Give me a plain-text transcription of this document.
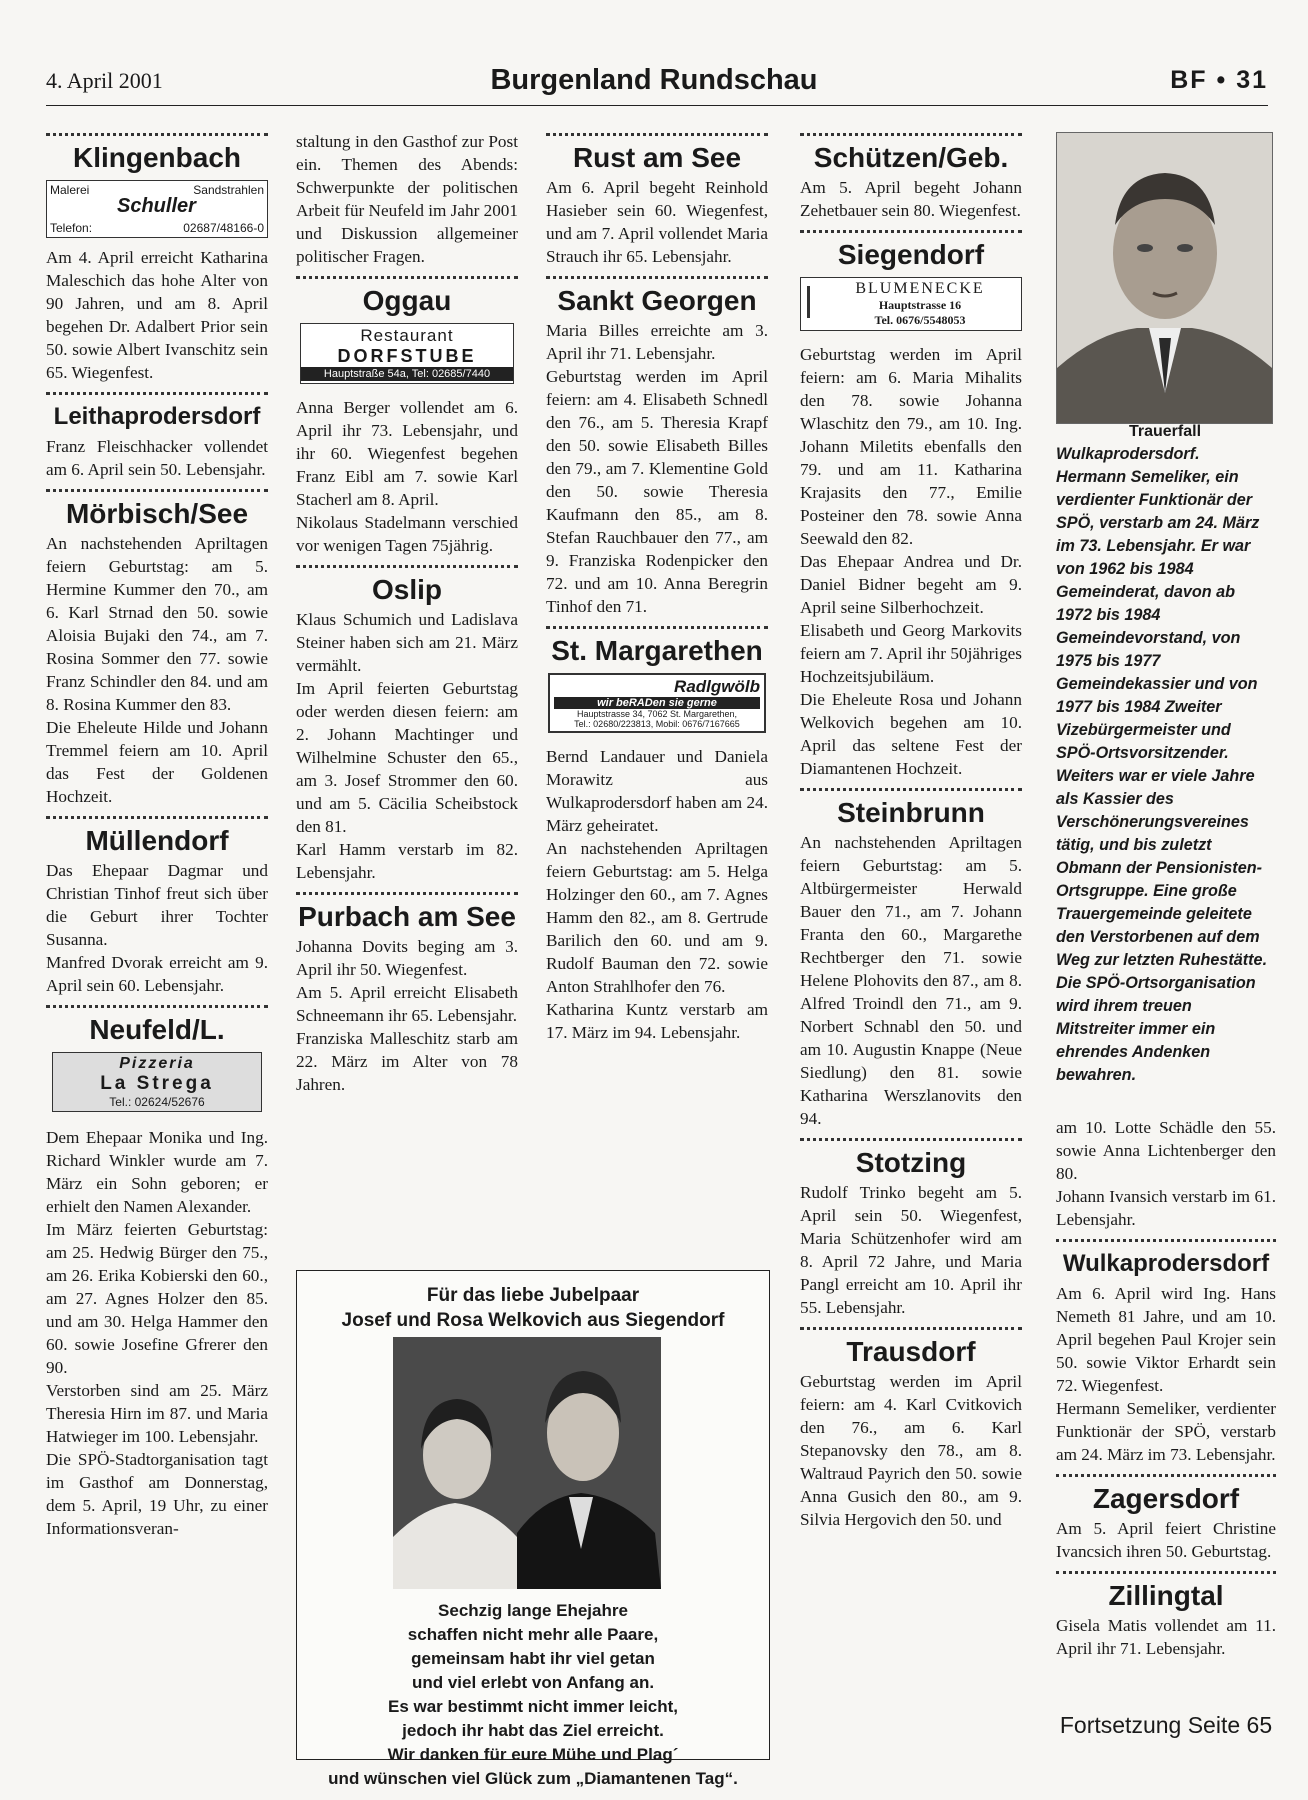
4. April 2001	Burgenland Rundschau	BF • 31
Klingenbach
Malerei	Sandstrahlen
Schuller
Telefon:	02687/48166-0

Am 4. April erreicht Katharina Maleschich das hohe Alter von 90 Jahren, und am 8. April begehen Dr. Adalbert Prior sein 50. sowie Albert Ivanschitz sein 65. Wiegenfest.

Leithaprodersdorf

Franz Fleischhacker vollendet am 6. April sein 50. Lebensjahr.

Mörbisch/See

An nachstehenden Apriltagen feiern Geburtstag: am 5. Hermine Kummer den 70., am 6. Karl Strnad den 50. sowie Aloisia Bujaki den 74., am 7. Rosina Sommer den 77. sowie Franz Schindler den 84. und am 8. Rosina Kummer den 83.

Die Eheleute Hilde und Johann Tremmel feiern am 10. April das Fest der Goldenen Hochzeit.

Müllendorf

Das Ehepaar Dagmar und Christian Tinhof freut sich über die Geburt ihrer Tochter Susanna.

Manfred Dvorak erreicht am 9. April sein 60. Lebensjahr.

Neufeld/L.
Pizzeria
La Strega
Tel.: 02624/52676

Dem Ehepaar Monika und Ing. Richard Winkler wurde am 7. März ein Sohn geboren; er erhielt den Namen Alexander.

Im März feierten Geburtstag: am 25. Hedwig Bürger den 75., am 26. Erika Kobierski den 60., am 27. Agnes Holzer den 85. und am 30. Helga Hammer den 60. sowie Josefine Gfrerer den 90.

Verstorben sind am 25. März Theresia Hirn im 87. und Maria Hatwieger im 100. Lebensjahr.

Die SPÖ-Stadtorganisation tagt im Gasthof am Donnerstag, dem 5. April, 19 Uhr, zu einer Informationsveran-

staltung in den Gasthof zur Post ein. Themen des Abends: Schwerpunkte der politischen Arbeit für Neufeld im Jahr 2001 und Diskussion allgemeiner politischer Fragen.

Oggau
Restaurant
DORFSTUBE
Hauptstraße 54a, Tel: 02685/7440

Anna Berger vollendet am 6. April ihr 73. Lebensjahr, und ihr 60. Wiegenfest begehen Franz Eibl am 7. sowie Karl Stacherl am 8. April.

Nikolaus Stadelmann verschied vor wenigen Tagen 75jährig.

Oslip

Klaus Schumich und Ladislava Steiner haben sich am 21. März vermählt.

Im April feierten Geburtstag oder werden diesen feiern: am 2. Johann Machtinger und Wilhelmine Schuster den 65., am 3. Josef Strommer den 60. und am 5. Cäcilia Scheibstock den 81.

Karl Hamm verstarb im 82. Lebensjahr.

Purbach am See

Johanna Dovits beging am 3. April ihr 50. Wiegenfest.

Am 5. April erreicht Elisabeth Schneemann ihr 65. Lebensjahr.

Franziska Malleschitz starb am 22. März im Alter von 78 Jahren.

Rust am See

Am 6. April begeht Reinhold Hasieber sein 60. Wiegenfest, und am 7. April vollendet Maria Strauch ihr 65. Lebensjahr.

Sankt Georgen

Maria Billes erreichte am 3. April ihr 71. Lebensjahr.

Geburtstag werden im April feiern: am 4. Elisabeth Schnedl den 76., am 5. Theresia Krapf den 50. sowie Elisabeth Billes den 79., am 7. Klementine Gold den 50. sowie Theresia Kaufmann den 85., am 8. Stefan Rauchbauer den 77., am 9. Franziska Rodenpicker den 72. und am 10. Anna Beregrin Tinhof den 71.

St. Margarethen
Radlgwölb
wir beRADen sie gerne
Hauptstrasse 34, 7062 St. Margarethen,
Tel.: 02680/223813, Mobil: 0676/7167665

Bernd Landauer und Daniela Morawitz aus Wulkaprodersdorf haben am 24. März geheiratet.

An nachstehenden Apriltagen feiern Geburtstag: am 5. Helga Holzinger den 60., am 7. Agnes Hamm den 82., am 8. Gertrude Barilich den 60. und am 9. Rudolf Bauman den 72. sowie Anton Strahlhofer den 76.

Katharina Kuntz verstarb am 17. März im 94. Lebensjahr.

Schützen/Geb.

Am 5. April begeht Johann Zehetbauer sein 80. Wiegenfest.

Siegendorf
BLUMENECKE
Hauptstrasse 16
Tel. 0676/5548053

Geburtstag werden im April feiern: am 6. Maria Mihalits den 78. sowie Johanna Wlaschitz den 79., am 10. Ing. Johann Miletits ebenfalls den 79. und am 11. Katharina Krajasits den 77., Emilie Posteiner den 78. sowie Anna Seewald den 82.

Das Ehepaar Andrea und Dr. Daniel Bidner begeht am 9. April seine Silberhochzeit.

Elisabeth und Georg Markovits feiern am 7. April ihr 50jähriges Hochzeitsjubiläum.

Die Eheleute Rosa und Johann Welkovich begehen am 10. April das seltene Fest der Diamantenen Hochzeit.

Steinbrunn

An nachstehenden Apriltagen feiern Geburtstag: am 5. Altbürgermeister Herwald Bauer den 71., am 7. Johann Franta den 60., Margarethe Rechtberger den 71. sowie Helene Plohovits den 87., am 8. Alfred Troindl den 71., am 9. Norbert Schnabl den 50. und am 10. Augustin Knappe (Neue Siedlung) den 81. sowie Katharina Werszlanovits den 94.

Stotzing

Rudolf Trinko begeht am 5. April sein 50. Wiegenfest, Maria Schützenhofer wird am 8. April 72 Jahre, und Maria Pangl erreicht am 10. April ihr 55. Lebensjahr.

Trausdorf

Geburtstag werden im April feiern: am 4. Karl Cvitkovich den 76., am 6. Karl Stepanovsky den 78., am 8. Waltraud Payrich den 50. sowie Anna Gusich den 80., am 9. Silvia Hergovich den 50. und

Trauerfall
Wulkaprodersdorf. Hermann Semeliker, ein verdienter Funktionär der SPÖ, verstarb am 24. März im 73. Lebensjahr. Er war von 1962 bis 1984 Gemeinderat, davon ab 1972 bis 1984 Gemeindevorstand, von 1975 bis 1977 Gemeindekassier und von 1977 bis 1984 Zweiter Vizebürgermeister und SPÖ-Ortsvorsitzender. Weiters war er viele Jahre als Kassier des Verschönerungsvereines tätig, und bis zuletzt Obmann der Pensionisten-Ortsgruppe. Eine große Trauergemeinde geleitete den Verstorbenen auf dem Weg zur letzten Ruhestätte. Die SPÖ-Ortsorganisation wird ihrem treuen Mitstreiter immer ein ehrendes Andenken bewahren.

am 10. Lotte Schädle den 55. sowie Anna Lichtenberger den 80.

Johann Ivansich verstarb im 61. Lebensjahr.

Wulkaprodersdorf

Am 6. April wird Ing. Hans Nemeth 81 Jahre, und am 10. April begehen Paul Krojer sein 50. sowie Viktor Erhardt sein 72. Wiegenfest.

Hermann Semeliker, verdienter Funktionär der SPÖ, verstarb am 24. März im 73. Lebensjahr.

Zagersdorf

Am 5. April feiert Christine Ivancsich ihren 50. Geburtstag.

Zillingtal

Gisela Matis vollendet am 11. April ihr 71. Lebensjahr.

Fortsetzung Seite 65
Für das liebe Jubelpaar
Josef und Rosa Welkovich aus Siegendorf
Sechzig lange Ehejahre
schaffen nicht mehr alle Paare,
gemeinsam habt ihr viel getan
und viel erlebt von Anfang an.
Es war bestimmt nicht immer leicht,
jedoch ihr habt das Ziel erreicht.
Wir danken für eure Mühe und Plag´
und wünschen viel Glück zum „Diamantenen Tag“.
